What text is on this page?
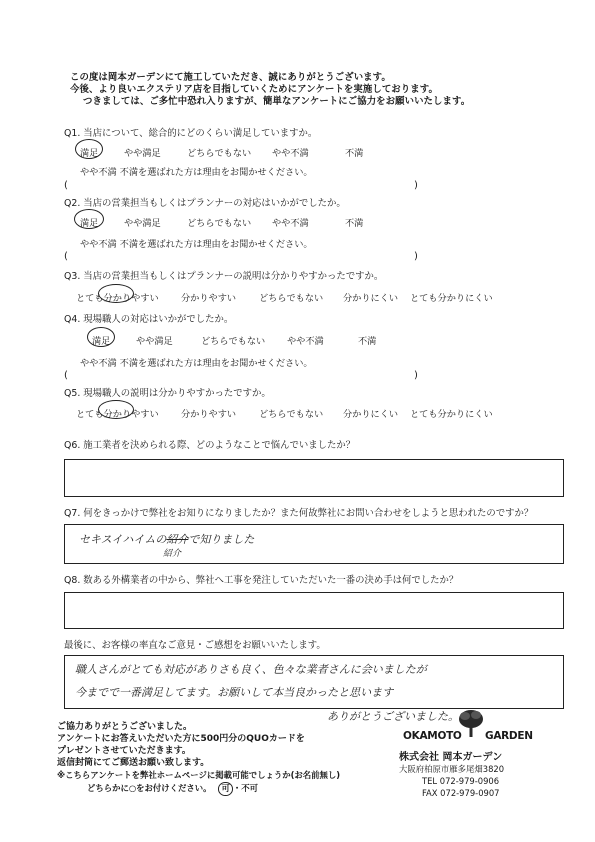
この度は岡本ガーデンにて施工していただき、誠にありがとうございます。
今後、より良いエクステリア店を目指していくためにアンケートを実施しております。
つきましては、ご多忙中恐れ入りますが、簡単なアンケートにご協力をお願いいたします。
Q1. 当店について、総合的にどのくらい満足していますか。
満足	やや満足	どちらでもない やや不満	不満
やや不満 不満を選ばれた方は理由をお聞かせください。
(	)
Q2. 当店の営業担当もしくはプランナーの対応はいかがでしたか。
満足	やや満足	どちらでもない やや不満	不満
やや不満 不満を選ばれた方は理由をお聞かせください。
(	)
Q3. 当店の営業担当もしくはプランナーの説明は分かりやすかったですか。
とても分かりやすい 分かりやすい どちらでもない 分かりにくい とても分かりにくい
Q4. 現場職人の対応はいかがでしたか。
満足	やや満足	どちらでもない やや不満	不満
やや不満 不満を選ばれた方は理由をお聞かせください。
(	)
Q5. 現場職人の説明は分かりやすかったですか。
とても分かりやすい 分かりやすい どちらでもない 分かりにくい とても分かりにくい
Q6. 施工業者を決められる際、どのようなことで悩んでいましたか？
Q7. 何をきっかけで弊社をお知りになりましたか？また何故弊社にお問い合わせをしようと思われたのですか？
セキスイハイムの紹介で知りました
紹介
Q8. 数ある外構業者の中から、弊社へ工事を発注していただいた一番の決め手は何でしたか？
最後に、お客様の率直なご意見・ご感想をお願いいたします。
職人さんがとても対応がありさも良く、色々な業者さんに会いましたが
今までで一番満足してます。お願いして本当良かったと思います
ありがとうございました。
ご協力ありがとうございました。
アンケートにお答えいただいた方に500円分のQUOカードを
プレゼントさせていただきます。
返信封筒にてご郵送お願い致します。
※こちらアンケートを弊社ホームページに掲載可能でしょうか(お名前無し)
どちらかに○をお付けください。 可 ・不可
OKAMOTO GARDEN
株式会社 岡本ガーデン
大阪府柏原市雁多尾畑3820
TEL 072-979-0906
FAX 072-979-0907
